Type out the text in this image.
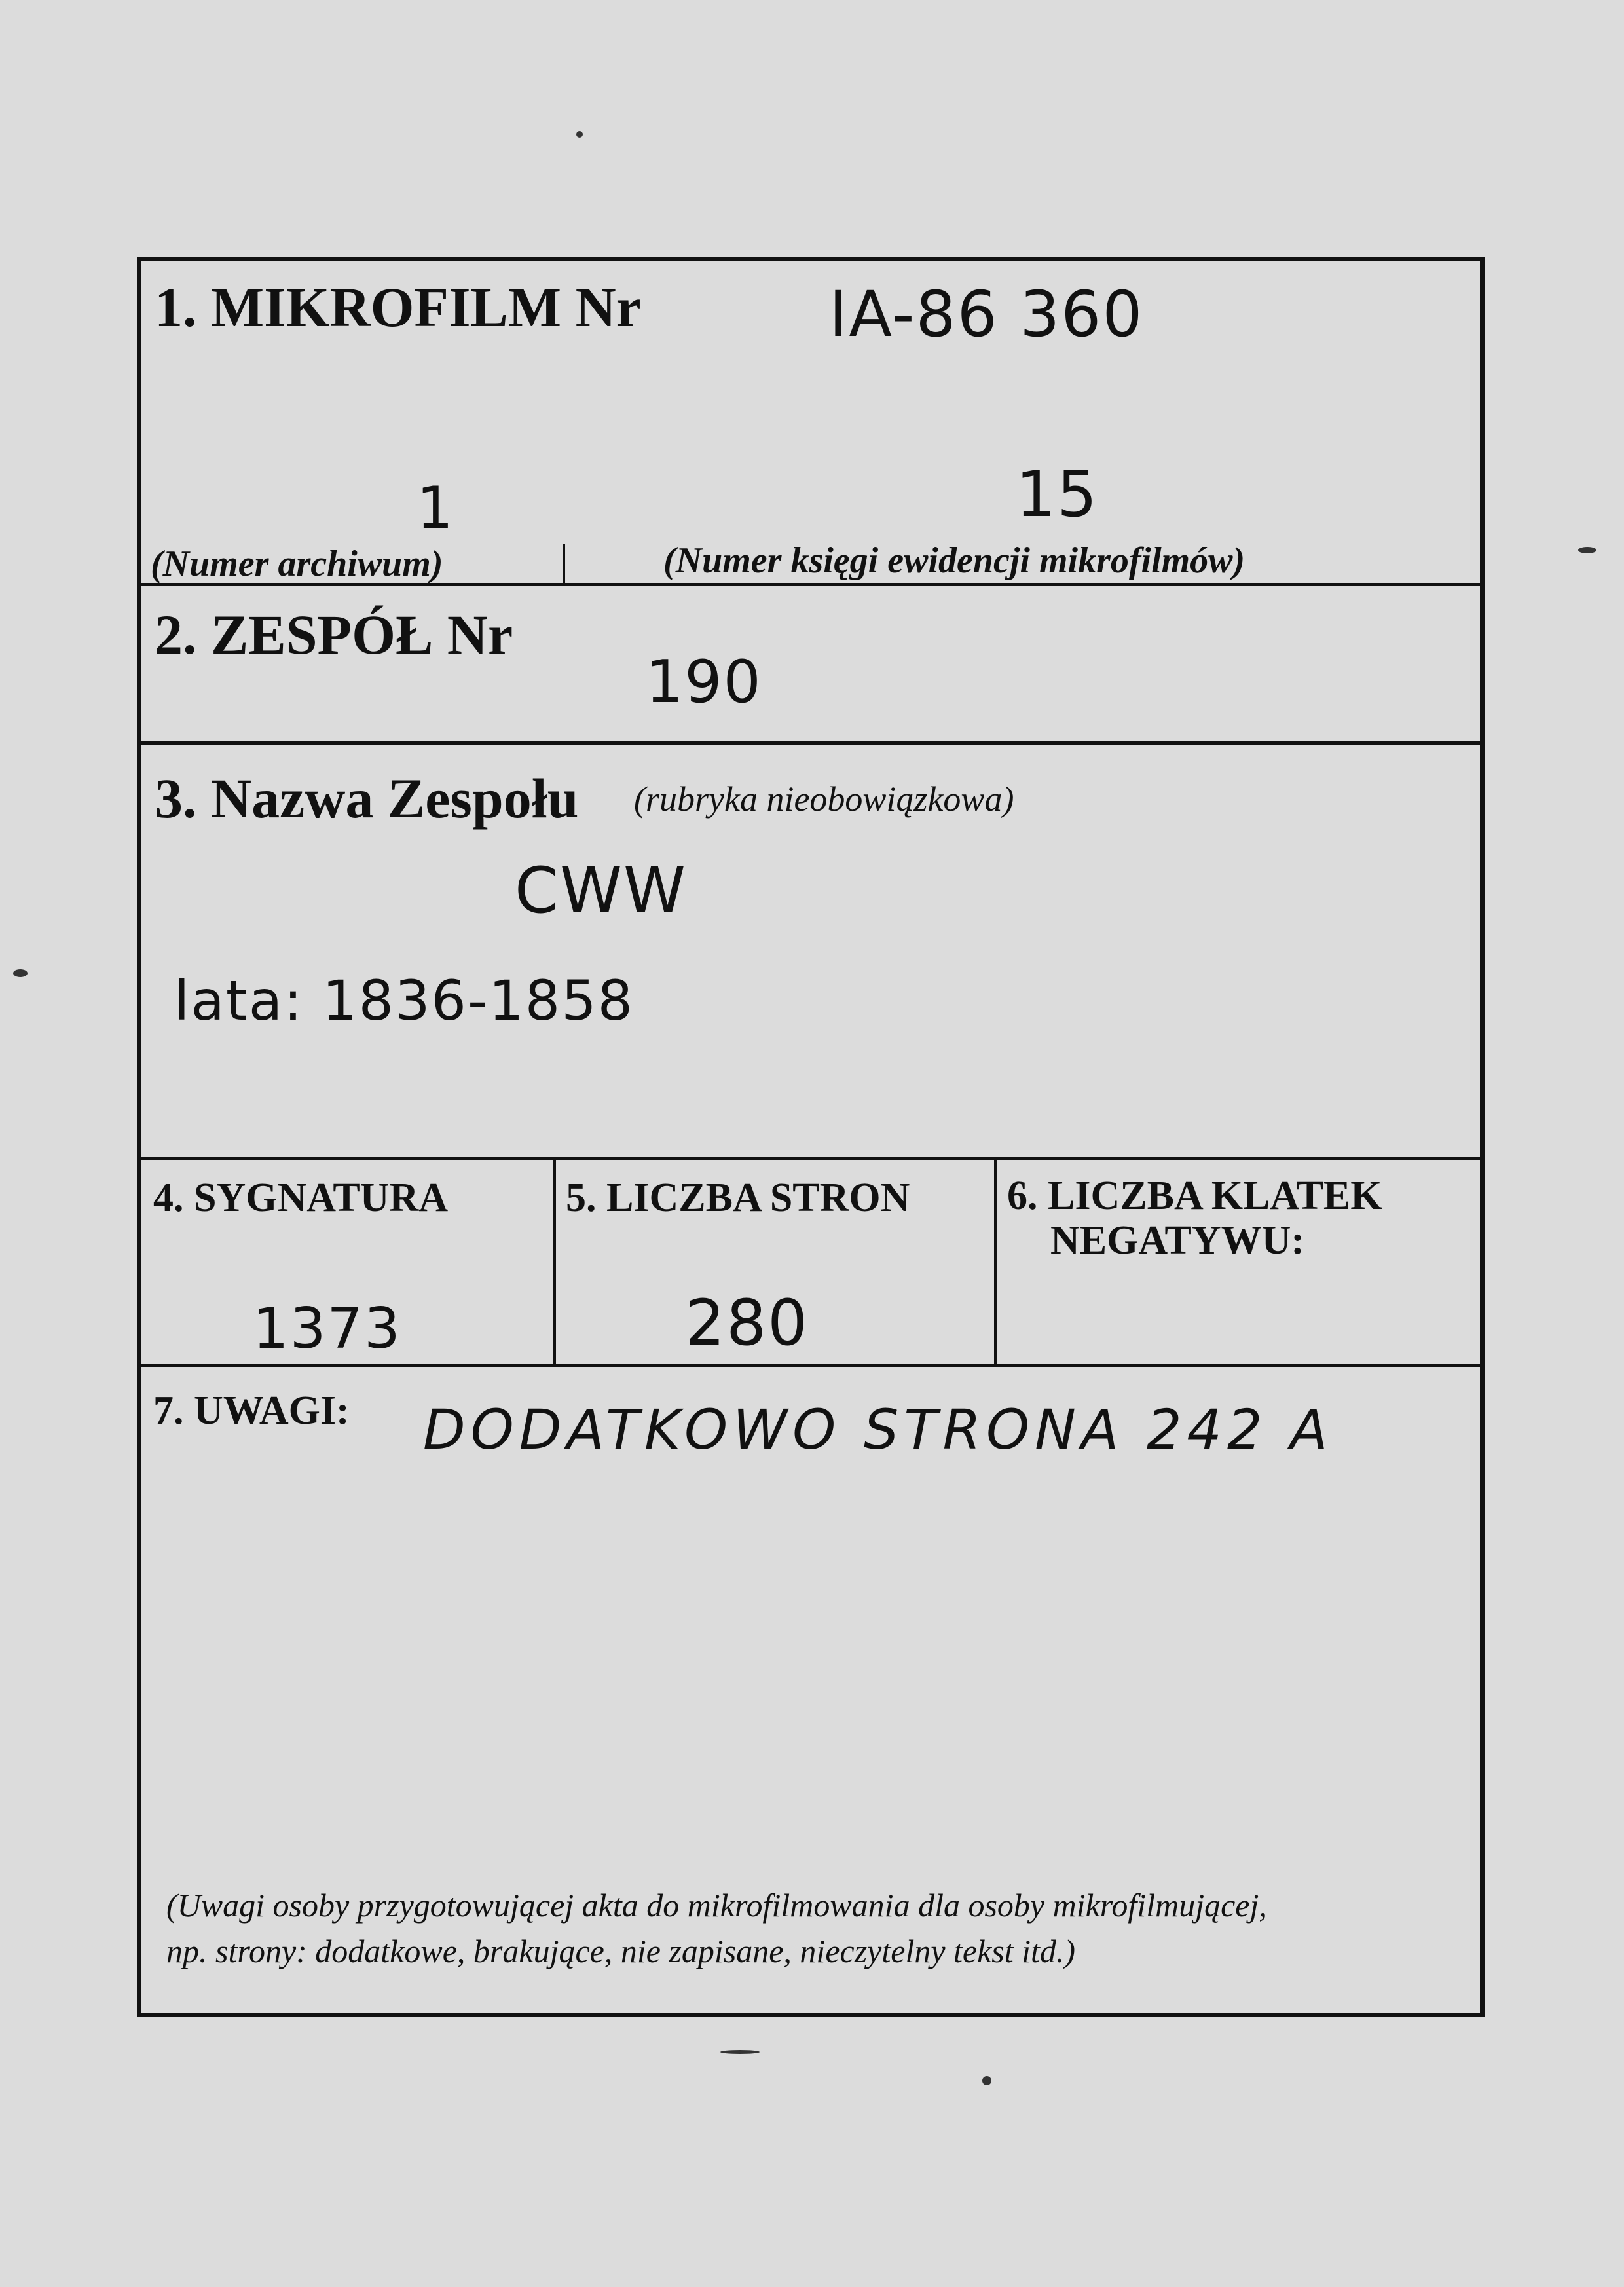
1. MIKROFILM Nr	IA-86 360
1	15
(Numer archiwum)	(Numer księgi ewidencji mikrofilmów)
2. ZESPÓŁ Nr
190
3. Nazwa Zespołu (rubryka nieobowiązkowa)
CWW
lata: 1836-1858
4. SYGNATURA
1373
5. LICZBA STRON
280
6. LICZBA KLATEK
NEGATYWU:
7. UWAGI: DODATKOWO STRONA 242 A
(Uwagi osoby przygotowującej akta do mikrofilmowania dla osoby mikrofilmującej,
np. strony: dodatkowe, brakujące, nie zapisane, nieczytelny tekst itd.)
